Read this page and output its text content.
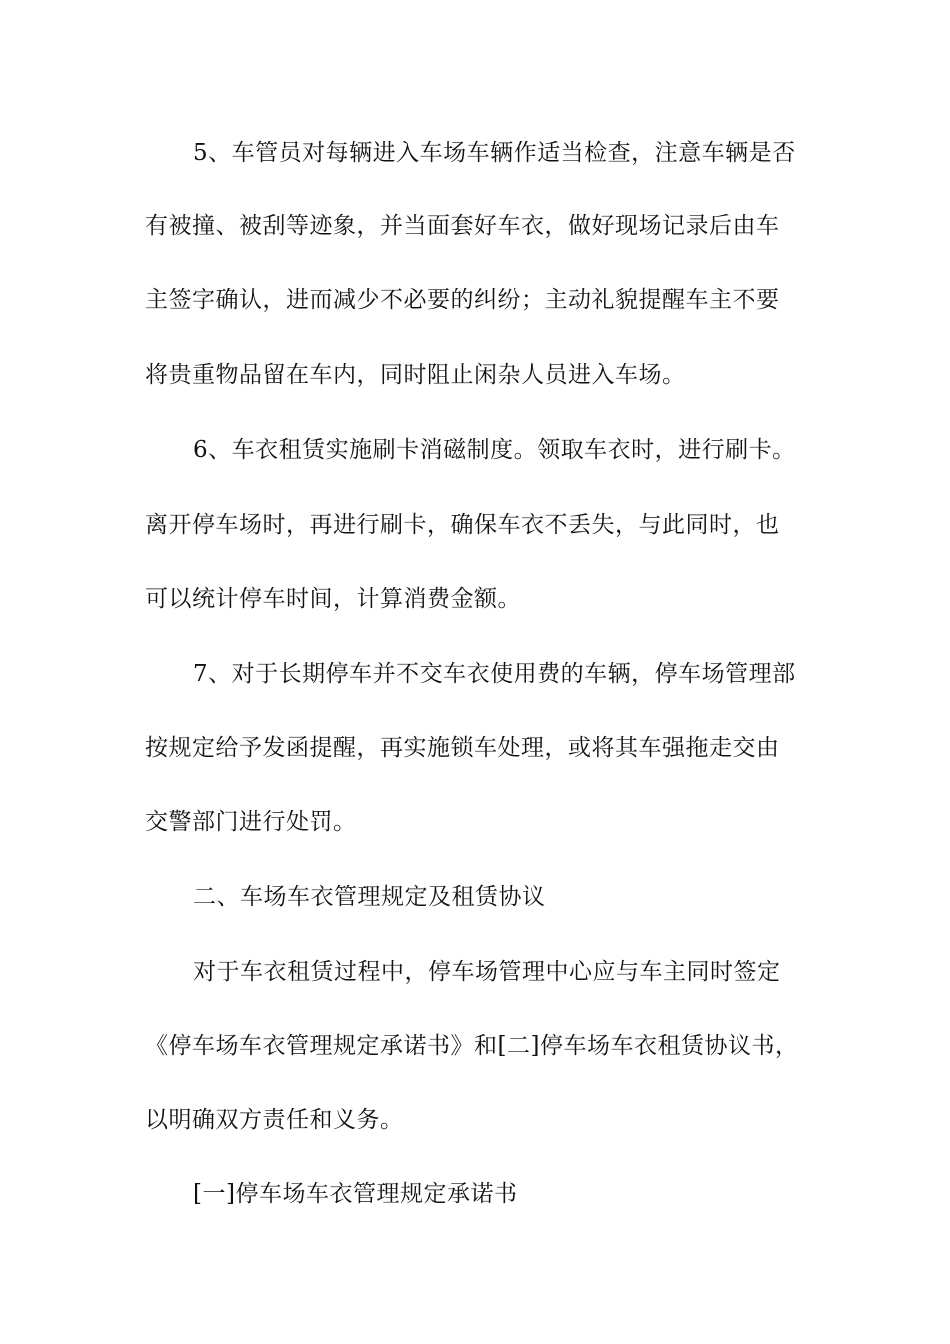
5、车管员对每辆进入车场车辆作适当检查，注意车辆是否
有被撞、被刮等迹象，并当面套好车衣，做好现场记录后由车
主签字确认，进而减少不必要的纠纷；主动礼貌提醒车主不要
将贵重物品留在车内，同时阻止闲杂人员进入车场。
6、车衣租赁实施刷卡消磁制度。领取车衣时，进行刷卡。
离开停车场时，再进行刷卡，确保车衣不丢失，与此同时，也
可以统计停车时间，计算消费金额。
7、对于长期停车并不交车衣使用费的车辆，停车场管理部
按规定给予发函提醒，再实施锁车处理，或将其车强拖走交由
交警部门进行处罚。
二、车场车衣管理规定及租赁协议
对于车衣租赁过程中，停车场管理中心应与车主同时签定
《停车场车衣管理规定承诺书》和[二]停车场车衣租赁协议书，
以明确双方责任和义务。
[一]停车场车衣管理规定承诺书
